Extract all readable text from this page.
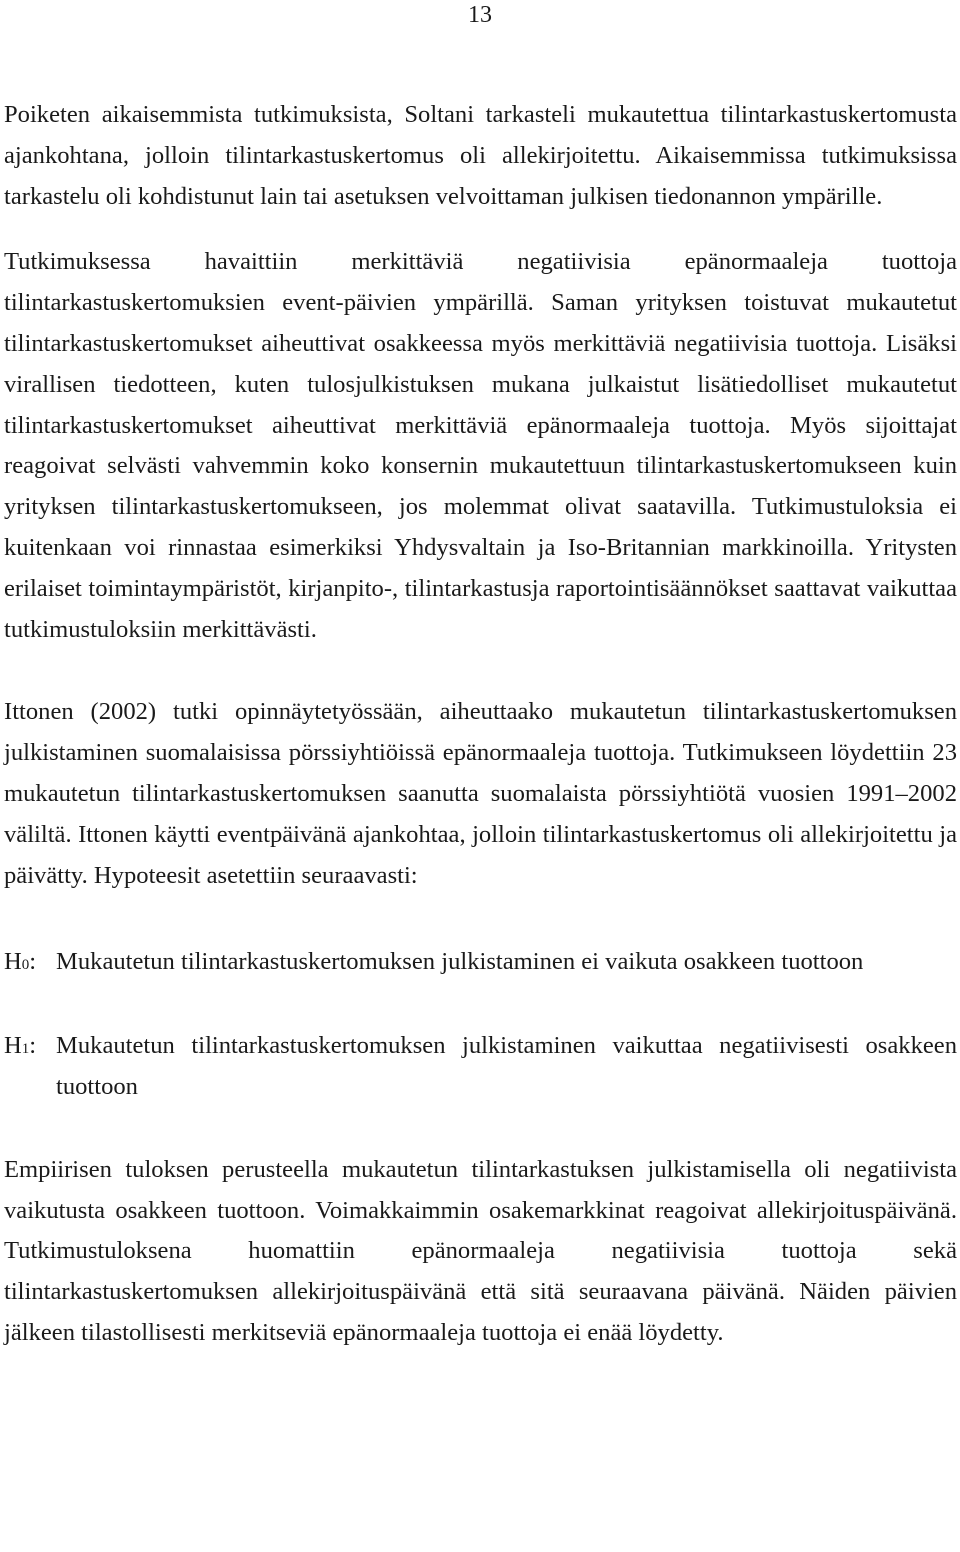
13

Poiketen aikaisemmista tutkimuksista, Soltani tarkasteli mukautettua tilintarkastuskertomusta ajankohtana, jolloin tilintarkastuskertomus oli allekirjoitettu. Aikaisemmissa tutkimuksissa tarkastelu oli kohdistunut lain tai asetuksen velvoittaman julkisen tiedonannon ympärille.

Tutkimuksessa havaittiin merkittäviä negatiivisia epänormaaleja tuottoja tilintarkastuskertomuksien event-päivien ympärillä. Saman yrityksen toistuvat mukautetut tilintarkastuskertomukset aiheuttivat osakkeessa myös merkittäviä negatiivisia tuottoja. Lisäksi virallisen tiedotteen, kuten tulosjulkistuksen mukana julkaistut lisätiedolliset mukautetut tilintarkastuskertomukset aiheuttivat merkittäviä epänormaaleja tuottoja. Myös sijoittajat reagoivat selvästi vahvemmin koko konsernin mukautettuun tilintarkastuskertomukseen kuin yrityksen tilintarkastuskertomukseen, jos molemmat olivat saatavilla. Tutkimustuloksia ei kuitenkaan voi rinnastaa esimerkiksi Yhdysvaltain ja Iso-Britannian markkinoilla. Yritysten erilaiset toimintaympäristöt, kirjanpito-, tilintarkastusja raportointisäännökset saattavat vaikuttaa tutkimustuloksiin merkittävästi.

Ittonen (2002) tutki opinnäytetyössään, aiheuttaako mukautetun tilintarkastuskertomuksen julkistaminen suomalaisissa pörssiyhtiöissä epänormaaleja tuottoja. Tutkimukseen löydettiin 23 mukautetun tilintarkastuskertomuksen saanutta suomalaista pörssiyhtiötä vuosien 1991–2002 väliltä. Ittonen käytti eventpäivänä ajankohtaa, jolloin tilintarkastuskertomus oli allekirjoitettu ja päivätty. Hypoteesit asetettiin seuraavasti:

H0: Mukautetun tilintarkastuskertomuksen julkistaminen ei vaikuta osakkeen tuottoon
H1: Mukautetun tilintarkastuskertomuksen julkistaminen vaikuttaa negatiivisesti osakkeen tuottoon

Empiirisen tuloksen perusteella mukautetun tilintarkastuksen julkistamisella oli negatiivista vaikutusta osakkeen tuottoon. Voimakkaimmin osakemarkkinat reagoivat allekirjoituspäivänä. Tutkimustuloksena huomattiin epänormaaleja negatiivisia tuottoja sekä tilintarkastuskertomuksen allekirjoituspäivänä että sitä seuraavana päivänä. Näiden päivien jälkeen tilastollisesti merkitseviä epänormaaleja tuottoja ei enää löydetty.
